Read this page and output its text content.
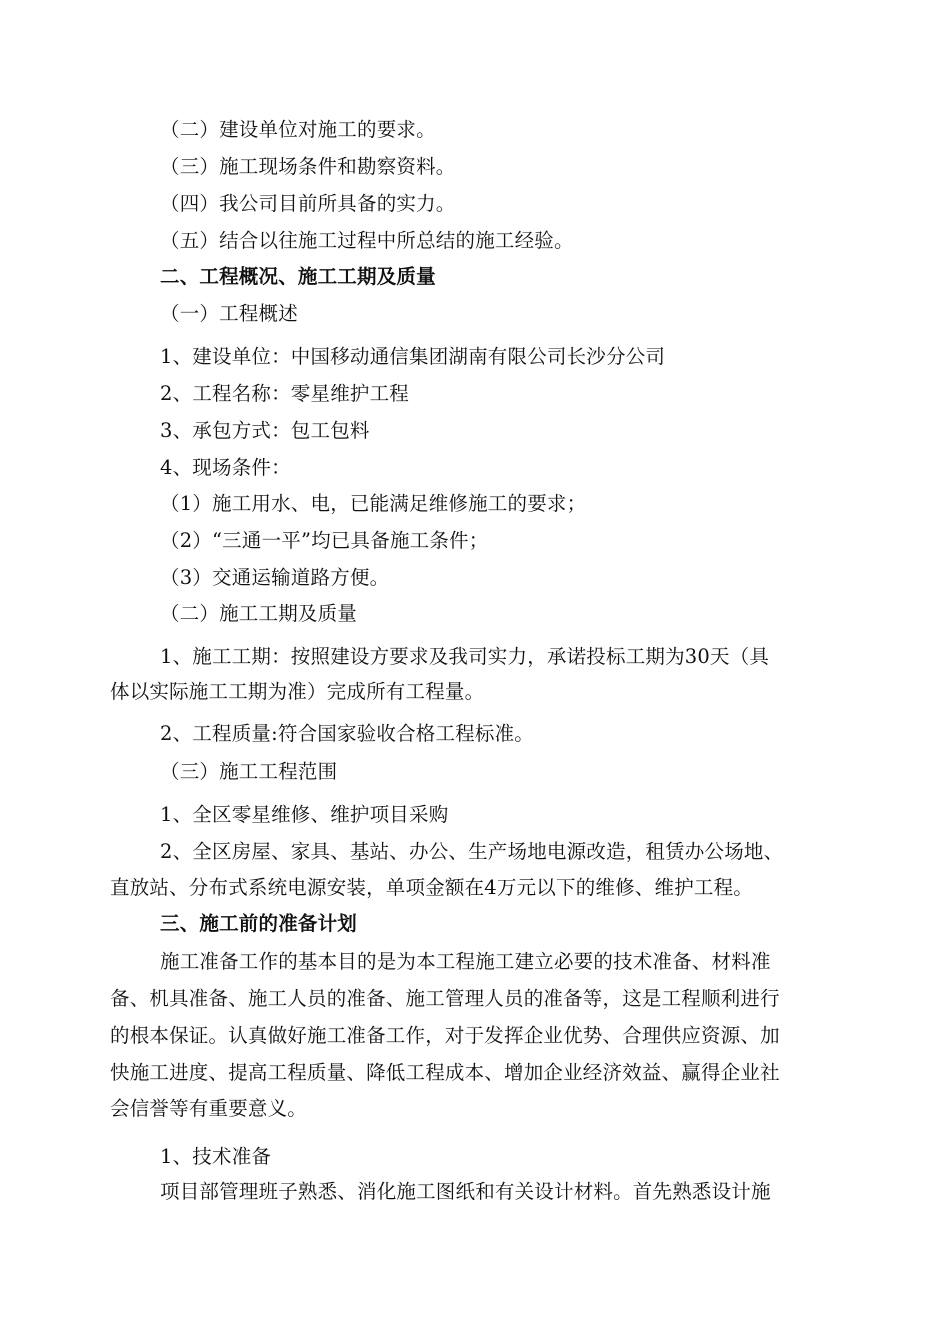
（二）建设单位对施工的要求。
（三）施工现场条件和勘察资料。
（四）我公司目前所具备的实力。
（五）结合以往施工过程中所总结的施工经验。
二、工程概况、施工工期及质量
（一）工程概述
1、建设单位：中国移动通信集团湖南有限公司长沙分公司
2、工程名称：零星维护工程
3、承包方式：包工包料
4、现场条件：
（1）施工用水、电，已能满足维修施工的要求；
（2）“三通一平”均已具备施工条件；
（3）交通运输道路方便。
（二）施工工期及质量
1、施工工期：按照建设方要求及我司实力，承诺投标工期为30天（具
体以实际施工工期为准）完成所有工程量。
2、工程质量:符合国家验收合格工程标准。
（三）施工工程范围
1、全区零星维修、维护项目采购
2、全区房屋、家具、基站、办公、生产场地电源改造，租赁办公场地、
直放站、分布式系统电源安装，单项金额在4万元以下的维修、维护工程。
三、施工前的准备计划
施工准备工作的基本目的是为本工程施工建立必要的技术准备、材料准
备、机具准备、施工人员的准备、施工管理人员的准备等，这是工程顺利进行
的根本保证。认真做好施工准备工作，对于发挥企业优势、合理供应资源、加
快施工进度、提高工程质量、降低工程成本、增加企业经济效益、赢得企业社
会信誉等有重要意义。
1、技术准备
项目部管理班子熟悉、消化施工图纸和有关设计材料。首先熟悉设计施
